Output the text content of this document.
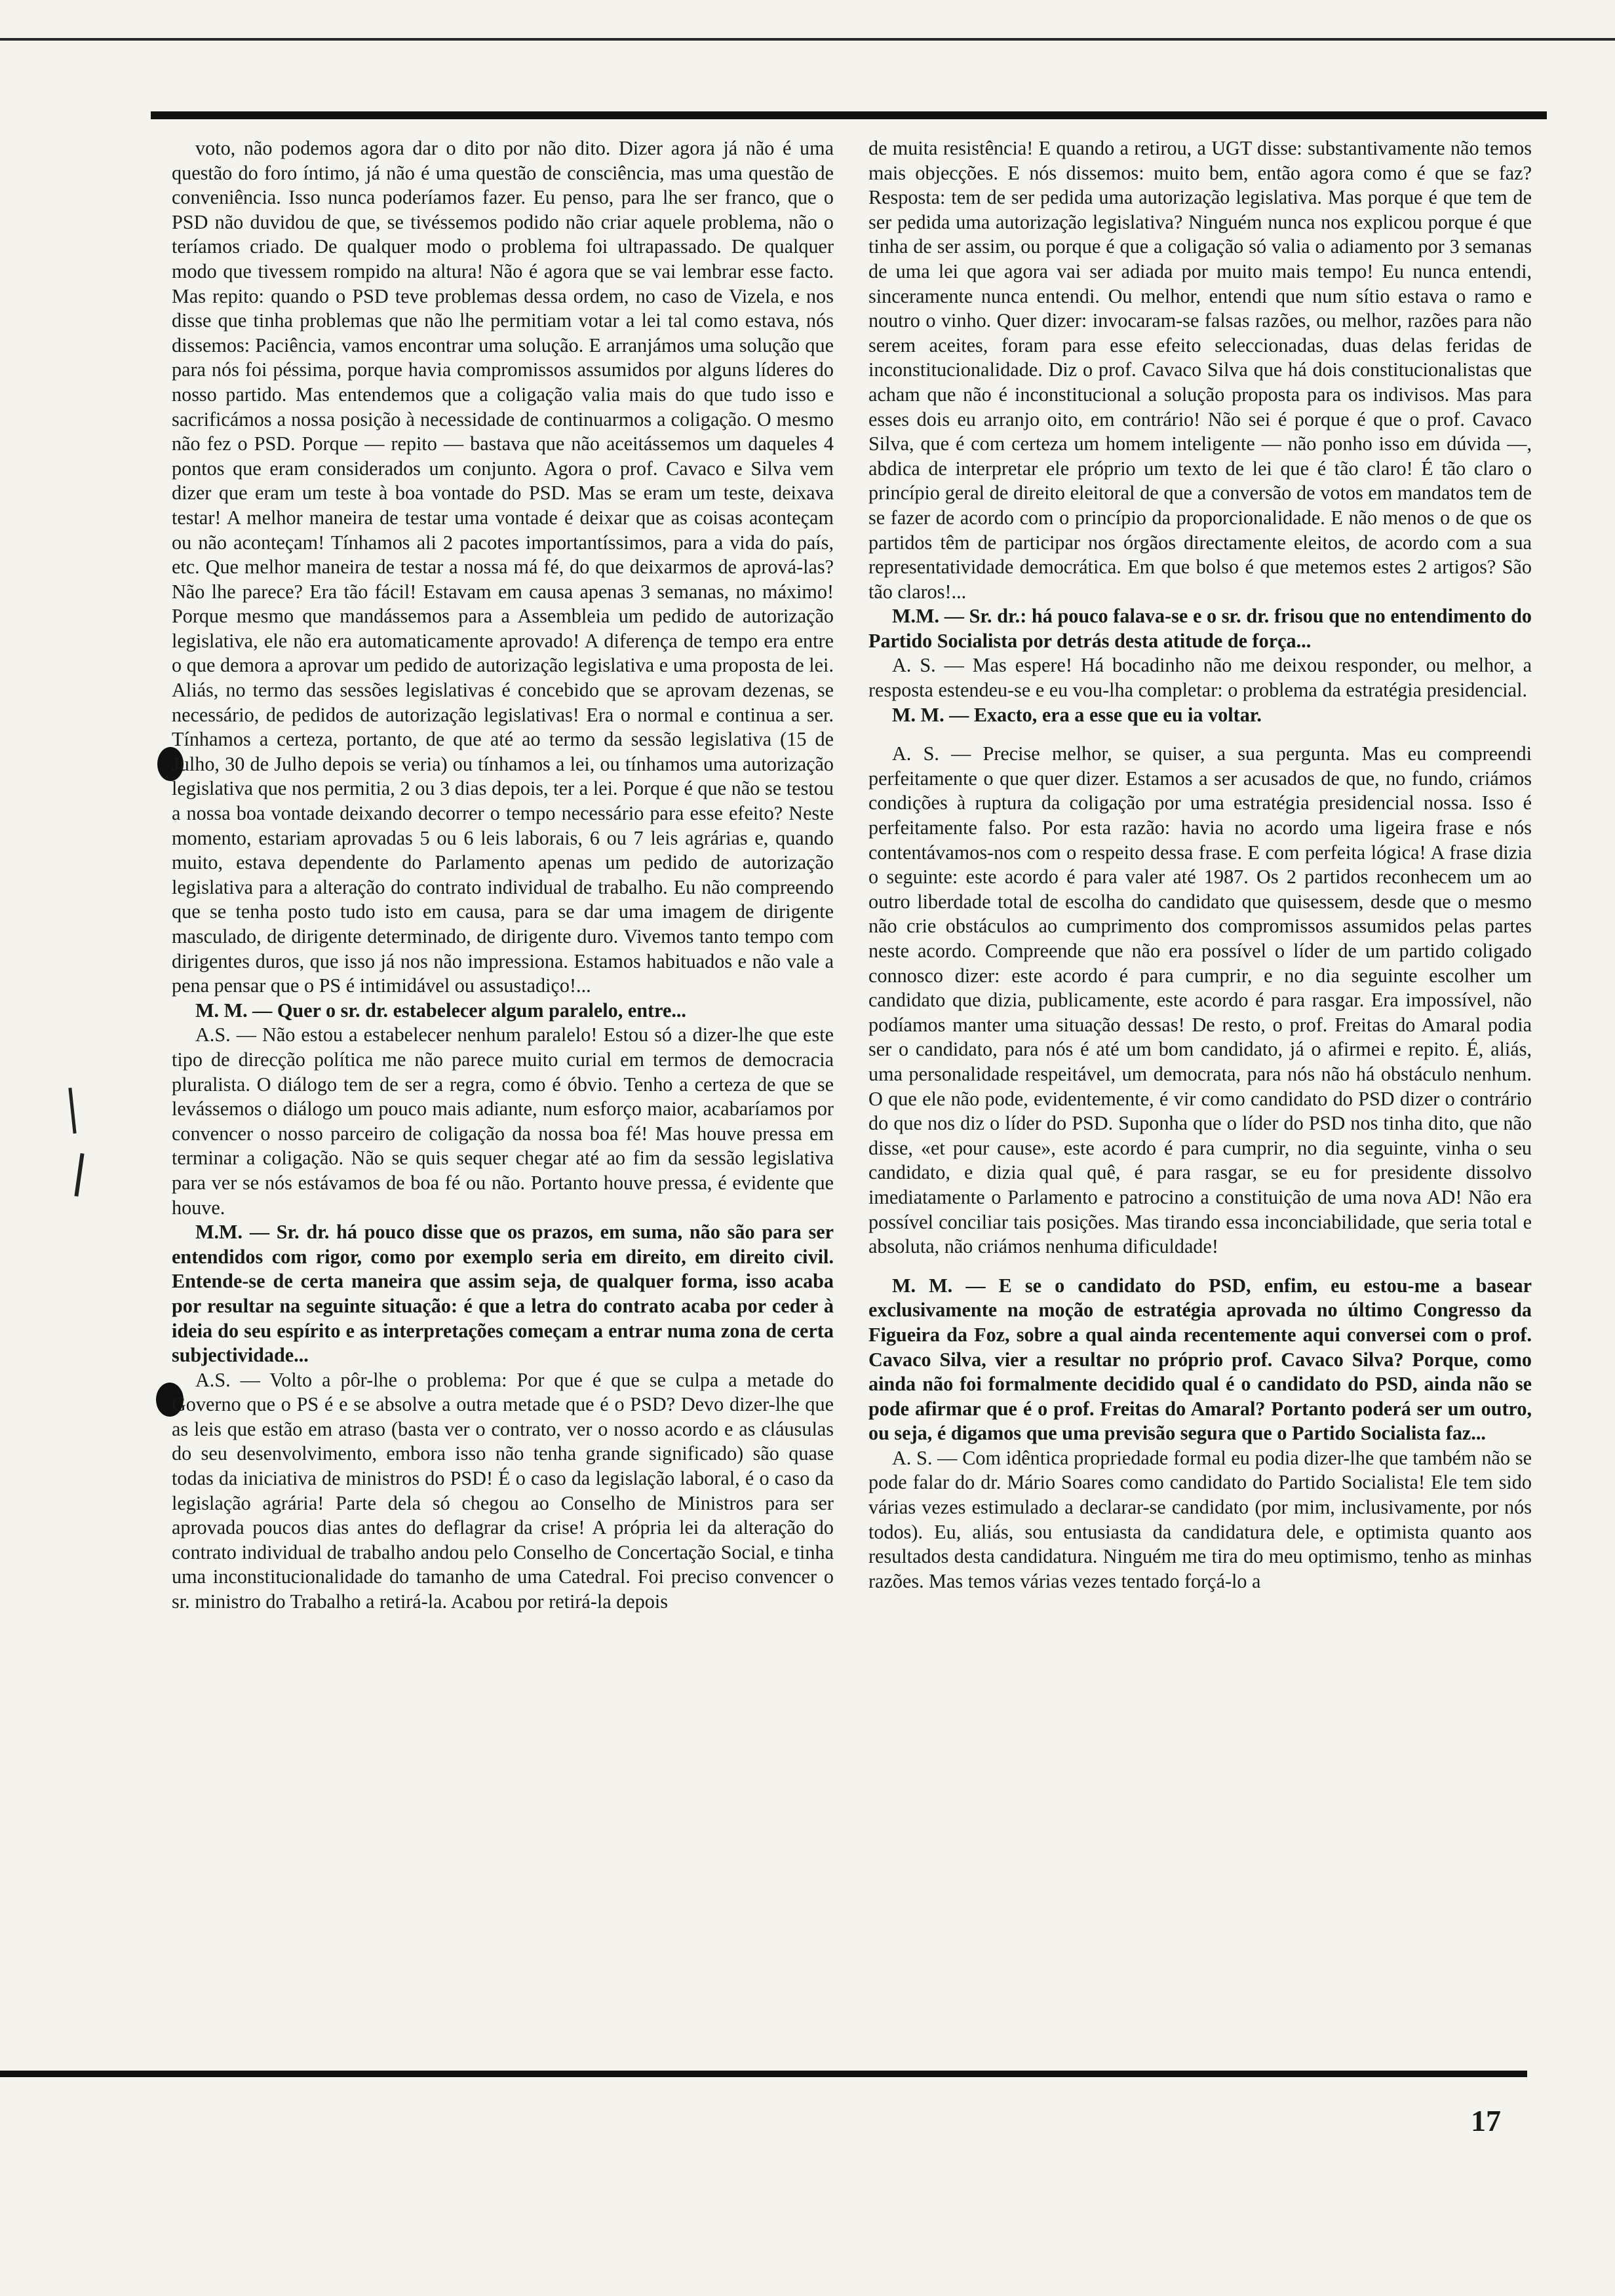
voto, não podemos agora dar o dito por não dito. Dizer agora já não é uma questão do foro íntimo, já não é uma questão de consciência, mas uma questão de conveniência. Isso nunca poderíamos fazer. Eu penso, para lhe ser franco, que o PSD não duvidou de que, se tivéssemos podido não criar aquele problema, não o teríamos criado. De qualquer modo o problema foi ultrapassado. De qualquer modo que tivessem rompido na altura! Não é agora que se vai lembrar esse facto. Mas repito: quando o PSD teve problemas dessa ordem, no caso de Vizela, e nos disse que tinha problemas que não lhe permitiam votar a lei tal como estava, nós dissemos: Paciência, vamos encontrar uma solução. E arranjámos uma solução que para nós foi péssima, porque havia compromissos assumidos por alguns líderes do nosso partido. Mas entendemos que a coligação valia mais do que tudo isso e sacrificámos a nossa posição à necessidade de continuarmos a coligação. O mesmo não fez o PSD. Porque — repito — bastava que não aceitássemos um daqueles 4 pontos que eram considerados um conjunto. Agora o prof. Cavaco e Silva vem dizer que eram um teste à boa vontade do PSD. Mas se eram um teste, deixava testar! A melhor maneira de testar uma vontade é deixar que as coisas aconteçam ou não aconteçam! Tínhamos ali 2 pacotes importantíssimos, para a vida do país, etc. Que melhor maneira de testar a nossa má fé, do que deixarmos de aprová-las? Não lhe parece? Era tão fácil! Estavam em causa apenas 3 semanas, no máximo! Porque mesmo que mandássemos para a Assembleia um pedido de autorização legislativa, ele não era automaticamente aprovado! A diferença de tempo era entre o que demora a aprovar um pedido de autorização legislativa e uma proposta de lei. Aliás, no termo das sessões legislativas é concebido que se aprovam dezenas, se necessário, de pedidos de autorização legislativas! Era o normal e continua a ser. Tínhamos a certeza, portanto, de que até ao termo da sessão legislativa (15 de Julho, 30 de Julho depois se veria) ou tínhamos a lei, ou tínhamos uma autorização legislativa que nos permitia, 2 ou 3 dias depois, ter a lei. Porque é que não se testou a nossa boa vontade deixando decorrer o tempo necessário para esse efeito? Neste momento, estariam aprovadas 5 ou 6 leis laborais, 6 ou 7 leis agrárias e, quando muito, estava dependente do Parlamento apenas um pedido de autorização legislativa para a alteração do contrato individual de trabalho. Eu não compreendo que se tenha posto tudo isto em causa, para se dar uma imagem de dirigente masculado, de dirigente determinado, de dirigente duro. Vivemos tanto tempo com dirigentes duros, que isso já nos não impressiona. Estamos habituados e não vale a pena pensar que o PS é intimidável ou assustadiço!...

M. M. — Quer o sr. dr. estabelecer algum paralelo, entre...

A.S. — Não estou a estabelecer nenhum paralelo! Estou só a dizer-lhe que este tipo de direcção política me não parece muito curial em termos de democracia pluralista. O diálogo tem de ser a regra, como é óbvio. Tenho a certeza de que se levássemos o diálogo um pouco mais adiante, num esforço maior, acabaríamos por convencer o nosso parceiro de coligação da nossa boa fé! Mas houve pressa em terminar a coligação. Não se quis sequer chegar até ao fim da sessão legislativa para ver se nós estávamos de boa fé ou não. Portanto houve pressa, é evidente que houve.

M.M. — Sr. dr. há pouco disse que os prazos, em suma, não são para ser entendidos com rigor, como por exemplo seria em direito, em direito civil. Entende-se de certa maneira que assim seja, de qualquer forma, isso acaba por resultar na seguinte situação: é que a letra do contrato acaba por ceder à ideia do seu espírito e as interpretações começam a entrar numa zona de certa subjectividade...

A.S. — Volto a pôr-lhe o problema: Por que é que se culpa a metade do Governo que o PS é e se absolve a outra metade que é o PSD? Devo dizer-lhe que as leis que estão em atraso (basta ver o contrato, ver o nosso acordo e as cláusulas do seu desenvolvimento, embora isso não tenha grande significado) são quase todas da iniciativa de ministros do PSD! É o caso da legislação laboral, é o caso da legislação agrária! Parte dela só chegou ao Conselho de Ministros para ser aprovada poucos dias antes do deflagrar da crise! A própria lei da alteração do contrato individual de trabalho andou pelo Conselho de Concertação Social, e tinha uma inconstitucionalidade do tamanho de uma Catedral. Foi preciso convencer o sr. ministro do Trabalho a retirá-la. Acabou por retirá-la depois

de muita resistência! E quando a retirou, a UGT disse: substantivamente não temos mais objecções. E nós dissemos: muito bem, então agora como é que se faz? Resposta: tem de ser pedida uma autorização legislativa. Mas porque é que tem de ser pedida uma autorização legislativa? Ninguém nunca nos explicou porque é que tinha de ser assim, ou porque é que a coligação só valia o adiamento por 3 semanas de uma lei que agora vai ser adiada por muito mais tempo! Eu nunca entendi, sinceramente nunca entendi. Ou melhor, entendi que num sítio estava o ramo e noutro o vinho. Quer dizer: invocaram-se falsas razões, ou melhor, razões para não serem aceites, foram para esse efeito seleccionadas, duas delas feridas de inconstitucionalidade. Diz o prof. Cavaco Silva que há dois constitucionalistas que acham que não é inconstitucional a solução proposta para os indivisos. Mas para esses dois eu arranjo oito, em contrário! Não sei é porque é que o prof. Cavaco Silva, que é com certeza um homem inteligente — não ponho isso em dúvida —, abdica de interpretar ele próprio um texto de lei que é tão claro! É tão claro o princípio geral de direito eleitoral de que a conversão de votos em mandatos tem de se fazer de acordo com o princípio da proporcionalidade. E não menos o de que os partidos têm de participar nos órgãos directamente eleitos, de acordo com a sua representatividade democrática. Em que bolso é que metemos estes 2 artigos? São tão claros!...

M.M. — Sr. dr.: há pouco falava-se e o sr. dr. frisou que no entendimento do Partido Socialista por detrás desta atitude de força...

A. S. — Mas espere! Há bocadinho não me deixou responder, ou melhor, a resposta estendeu-se e eu vou-lha completar: o problema da estratégia presidencial.

M. M. — Exacto, era a esse que eu ia voltar.

A. S. — Precise melhor, se quiser, a sua pergunta. Mas eu compreendi perfeitamente o que quer dizer. Estamos a ser acusados de que, no fundo, criámos condições à ruptura da coligação por uma estratégia presidencial nossa. Isso é perfeitamente falso. Por esta razão: havia no acordo uma ligeira frase e nós contentávamos-nos com o respeito dessa frase. E com perfeita lógica! A frase dizia o seguinte: este acordo é para valer até 1987. Os 2 partidos reconhecem um ao outro liberdade total de escolha do candidato que quisessem, desde que o mesmo não crie obstáculos ao cumprimento dos compromissos assumidos pelas partes neste acordo. Compreende que não era possível o líder de um partido coligado connosco dizer: este acordo é para cumprir, e no dia seguinte escolher um candidato que dizia, publicamente, este acordo é para rasgar. Era impossível, não podíamos manter uma situação dessas! De resto, o prof. Freitas do Amaral podia ser o candidato, para nós é até um bom candidato, já o afirmei e repito. É, aliás, uma personalidade respeitável, um democrata, para nós não há obstáculo nenhum. O que ele não pode, evidentemente, é vir como candidato do PSD dizer o contrário do que nos diz o líder do PSD. Suponha que o líder do PSD nos tinha dito, que não disse, «et pour cause», este acordo é para cumprir, no dia seguinte, vinha o seu candidato, e dizia qual quê, é para rasgar, se eu for presidente dissolvo imediatamente o Parlamento e patrocino a constituição de uma nova AD! Não era possível conciliar tais posições. Mas tirando essa inconciabilidade, que seria total e absoluta, não criámos nenhuma dificuldade!

M. M. — E se o candidato do PSD, enfim, eu estou-me a basear exclusivamente na moção de estratégia aprovada no último Congresso da Figueira da Foz, sobre a qual ainda recentemente aqui conversei com o prof. Cavaco Silva, vier a resultar no próprio prof. Cavaco Silva? Porque, como ainda não foi formalmente decidido qual é o candidato do PSD, ainda não se pode afirmar que é o prof. Freitas do Amaral? Portanto poderá ser um outro, ou seja, é digamos que uma previsão segura que o Partido Socialista faz...

A. S. — Com idêntica propriedade formal eu podia dizer-lhe que também não se pode falar do dr. Mário Soares como candidato do Partido Socialista! Ele tem sido várias vezes estimulado a declarar-se candidato (por mim, inclusivamente, por nós todos). Eu, aliás, sou entusiasta da candidatura dele, e optimista quanto aos resultados desta candidatura. Ninguém me tira do meu optimismo, tenho as minhas razões. Mas temos várias vezes tentado forçá-lo a

17
